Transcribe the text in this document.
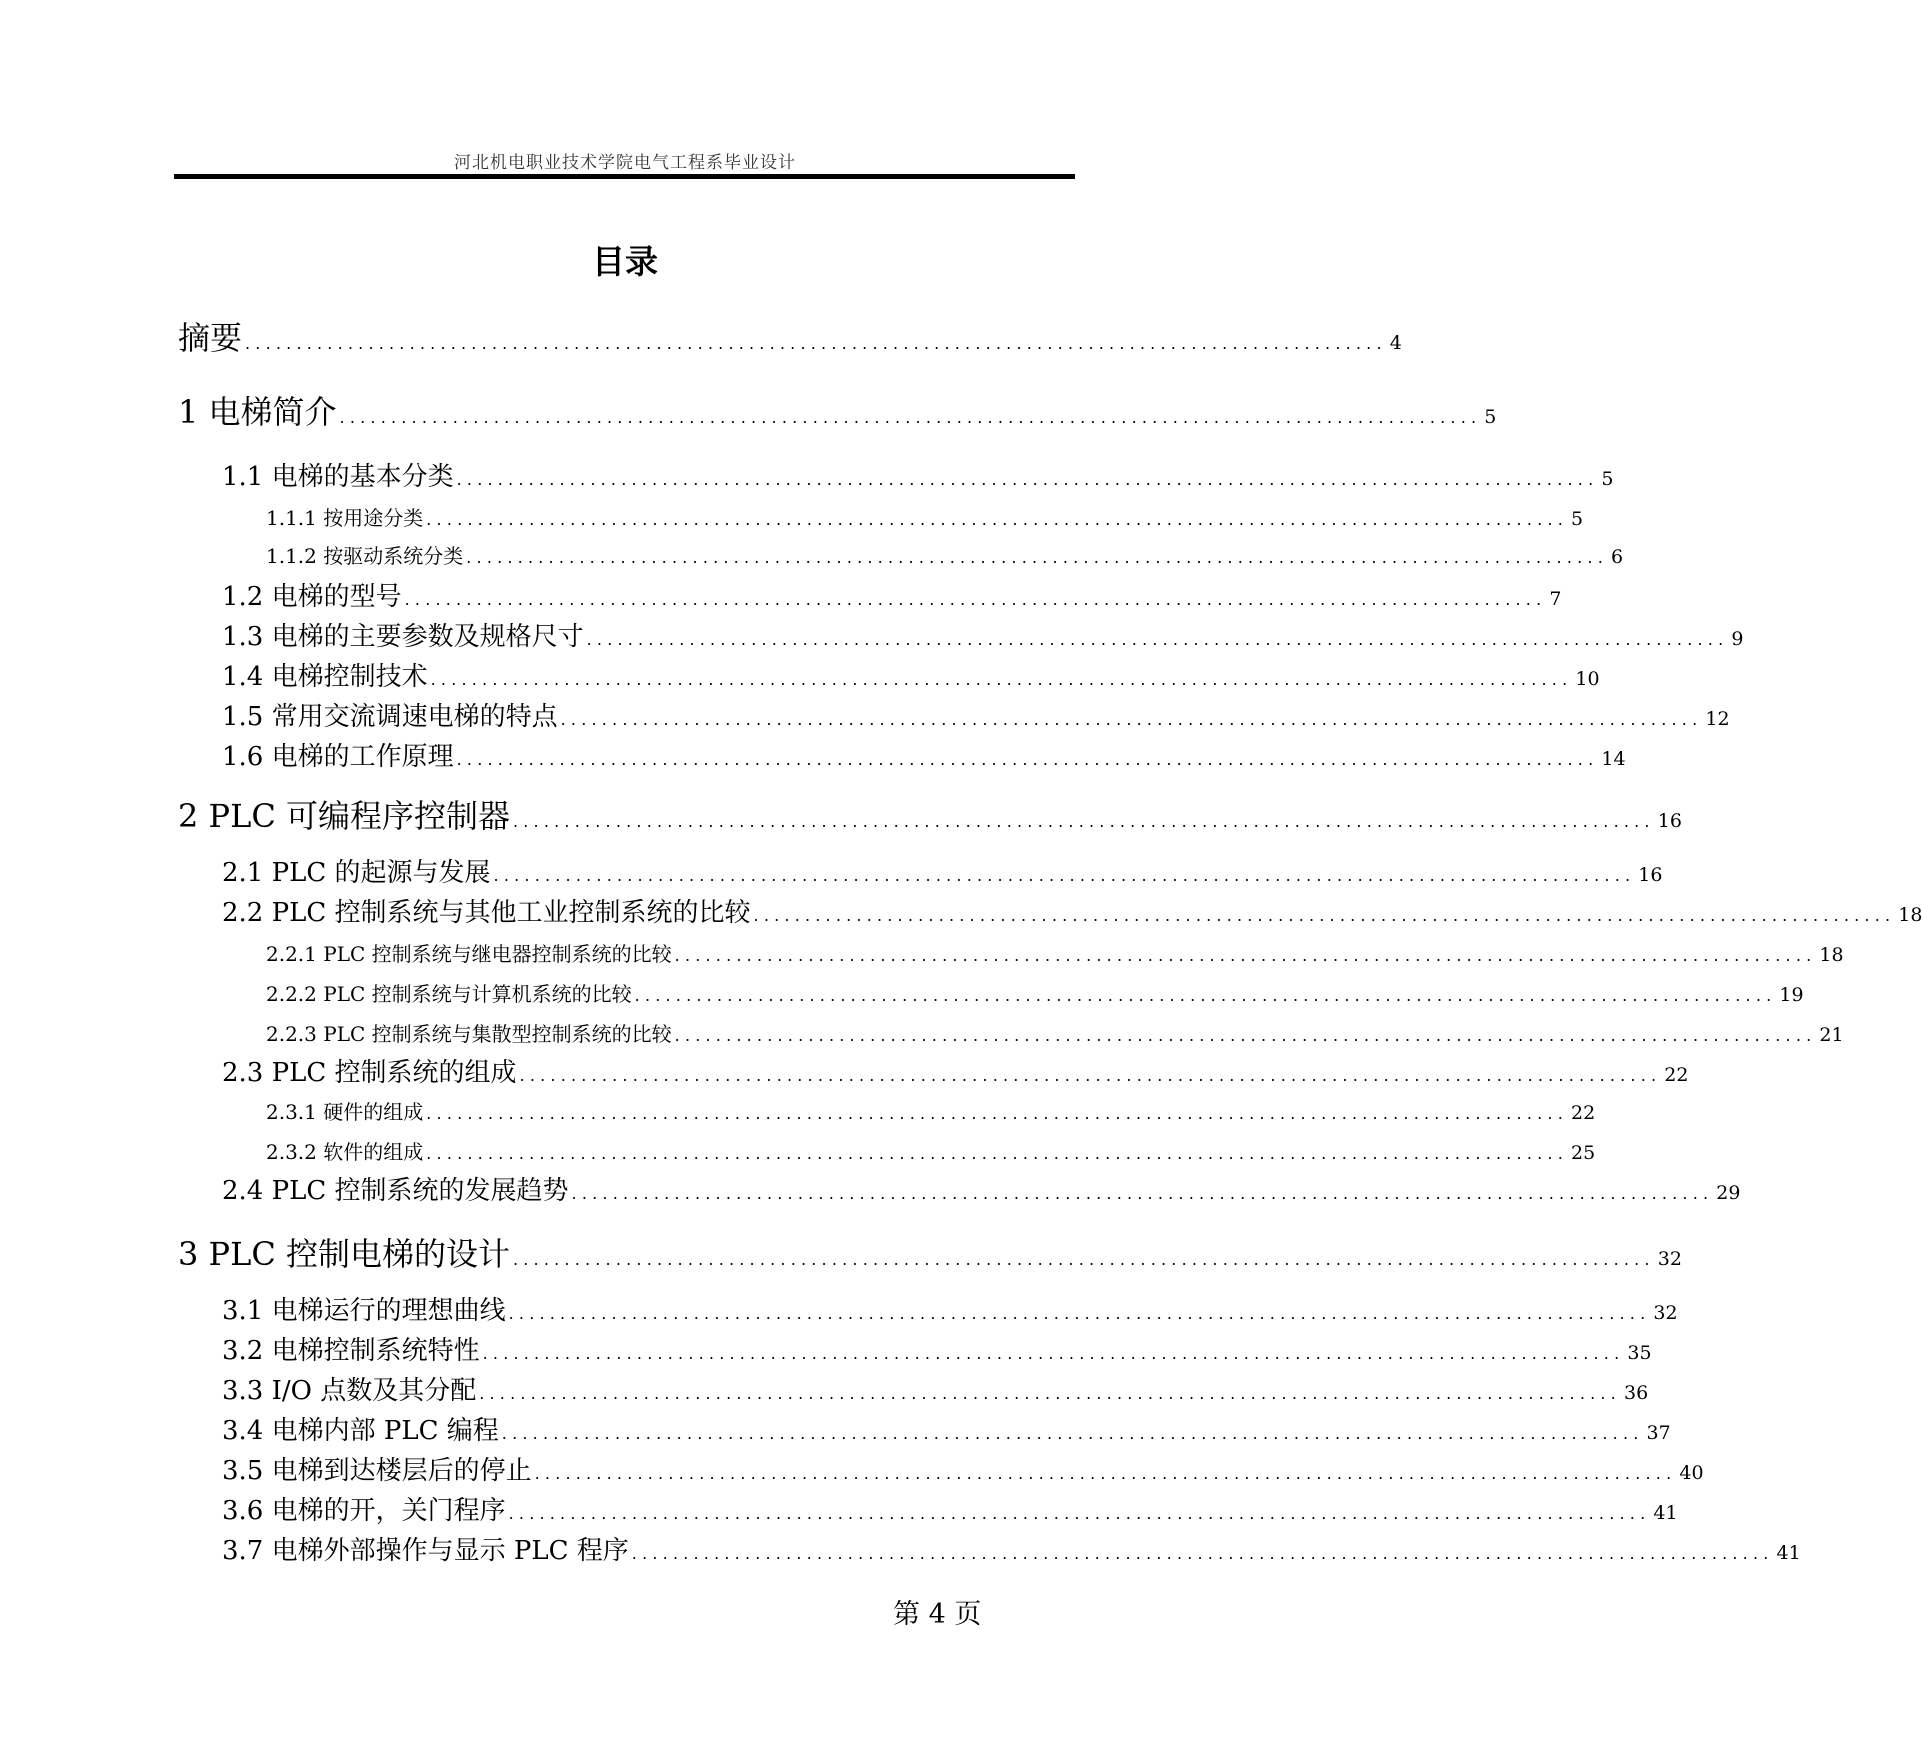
河北机电职业技术学院电气工程系毕业设计
目录
摘要 ............................................................................................................... 4
1 电梯简介 ............................................................................................................... 5
1.1 电梯的基本分类 ............................................................................................................... 5
1.1.1 按用途分类 ............................................................................................................... 5
1.1.2 按驱动系统分类 ............................................................................................................... 6
1.2 电梯的型号 ............................................................................................................... 7
1.3 电梯的主要参数及规格尺寸 ............................................................................................................... 9
1.4 电梯控制技术 ............................................................................................................... 10
1.5 常用交流调速电梯的特点 ............................................................................................................... 12
1.6 电梯的工作原理 ............................................................................................................... 14
2 PLC 可编程序控制器 ............................................................................................................... 16
2.1 PLC 的起源与发展 ............................................................................................................... 16
2.2 PLC 控制系统与其他工业控制系统的比较 ............................................................................................................... 18
2.2.1 PLC 控制系统与继电器控制系统的比较 ............................................................................................................... 18
2.2.2 PLC 控制系统与计算机系统的比较 ............................................................................................................... 19
2.2.3 PLC 控制系统与集散型控制系统的比较 ............................................................................................................... 21
2.3 PLC 控制系统的组成 ............................................................................................................... 22
2.3.1 硬件的组成 ............................................................................................................... 22
2.3.2 软件的组成 ............................................................................................................... 25
2.4 PLC 控制系统的发展趋势 ............................................................................................................... 29
3 PLC 控制电梯的设计 ............................................................................................................... 32
3.1 电梯运行的理想曲线 ............................................................................................................... 32
3.2 电梯控制系统特性 ............................................................................................................... 35
3.3 I/O 点数及其分配 ............................................................................................................... 36
3.4 电梯内部 PLC 编程 ............................................................................................................... 37
3.5 电梯到达楼层后的停止 ............................................................................................................... 40
3.6 电梯的开，关门程序 ............................................................................................................... 41
3.7 电梯外部操作与显示 PLC 程序 ............................................................................................................... 41
第 4 页
